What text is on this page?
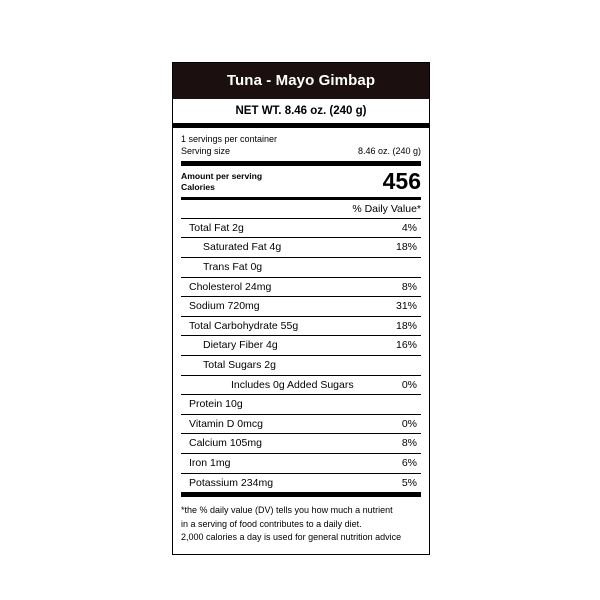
Tuna - Mayo Gimbap
NET WT. 8.46 oz. (240 g)
1 servings per container
Serving size	8.46 oz. (240 g)
Amount per serving
Calories	456
% Daily Value*
Total Fat 2g	4%
Saturated Fat 4g	18%
Trans Fat 0g
Cholesterol 24mg	8%
Sodium 720mg	31%
Total Carbohydrate 55g	18%
Dietary Fiber 4g	16%
Total Sugars 2g
Includes 0g Added Sugars	0%
Protein 10g
Vitamin D 0mcg	0%
Calcium 105mg	8%
Iron 1mg	6%
Potassium 234mg	5%
*the % daily value (DV) tells you how much a nutrient
in a serving of food contributes to a daily diet.
2,000 calories a day is used for general nutrition advice
